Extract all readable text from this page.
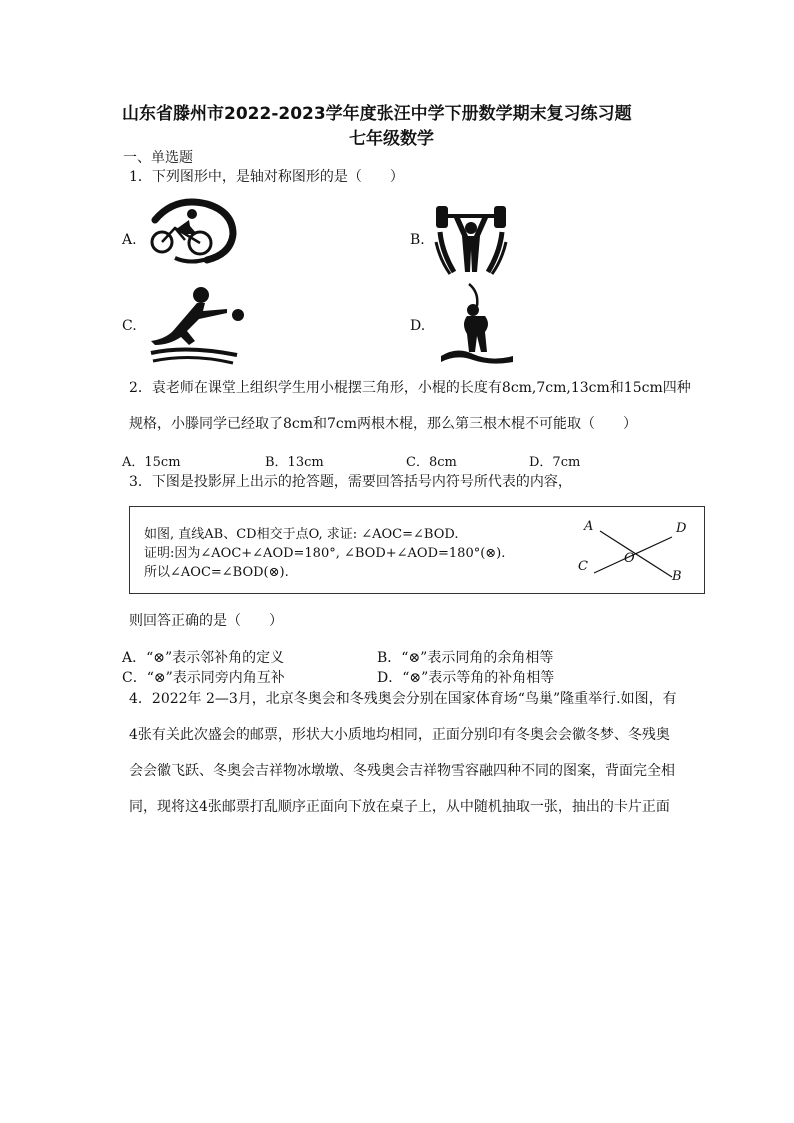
山东省滕州市2022-2023学年度张汪中学下册数学期末复习练习题
七年级数学
一、单选题
1．下列图形中，是轴对称图形的是（　　）
A.	B.
C.	D.
2．袁老师在课堂上组织学生用小棍摆三角形，小棍的长度有8cm,7cm,13cm和15cm四种
规格，小滕同学已经取了8cm和7cm两根木棍，那么第三根木棍不可能取（　　）
A．15cm	B．13cm	C．8cm	D．7cm
3．下图是投影屏上出示的抢答题，需要回答括号内符号所代表的内容，
如图, 直线AB、CD相交于点O, 求证: ∠AOC=∠BOD.
证明:因为∠AOC+∠AOD=180°, ∠BOD+∠AOD=180°(⊗).
所以∠AOC=∠BOD(⊗).
A	D
O
C
B
则回答正确的是（　　）
A．“⊗”表示邻补角的定义	B．“⊗”表示同角的余角相等
C．“⊗”表示同旁内角互补	D．“⊗”表示等角的补角相等
4．2022年 2—3月，北京冬奥会和冬残奥会分别在国家体育场“鸟巢”隆重举行.如图，有
4张有关此次盛会的邮票，形状大小质地均相同，正面分别印有冬奥会会徽冬梦、冬残奥
会会徽飞跃、冬奥会吉祥物冰墩墩、冬残奥会吉祥物雪容融四种不同的图案，背面完全相
同，现将这4张邮票打乱顺序正面向下放在桌子上，从中随机抽取一张，抽出的卡片正面
